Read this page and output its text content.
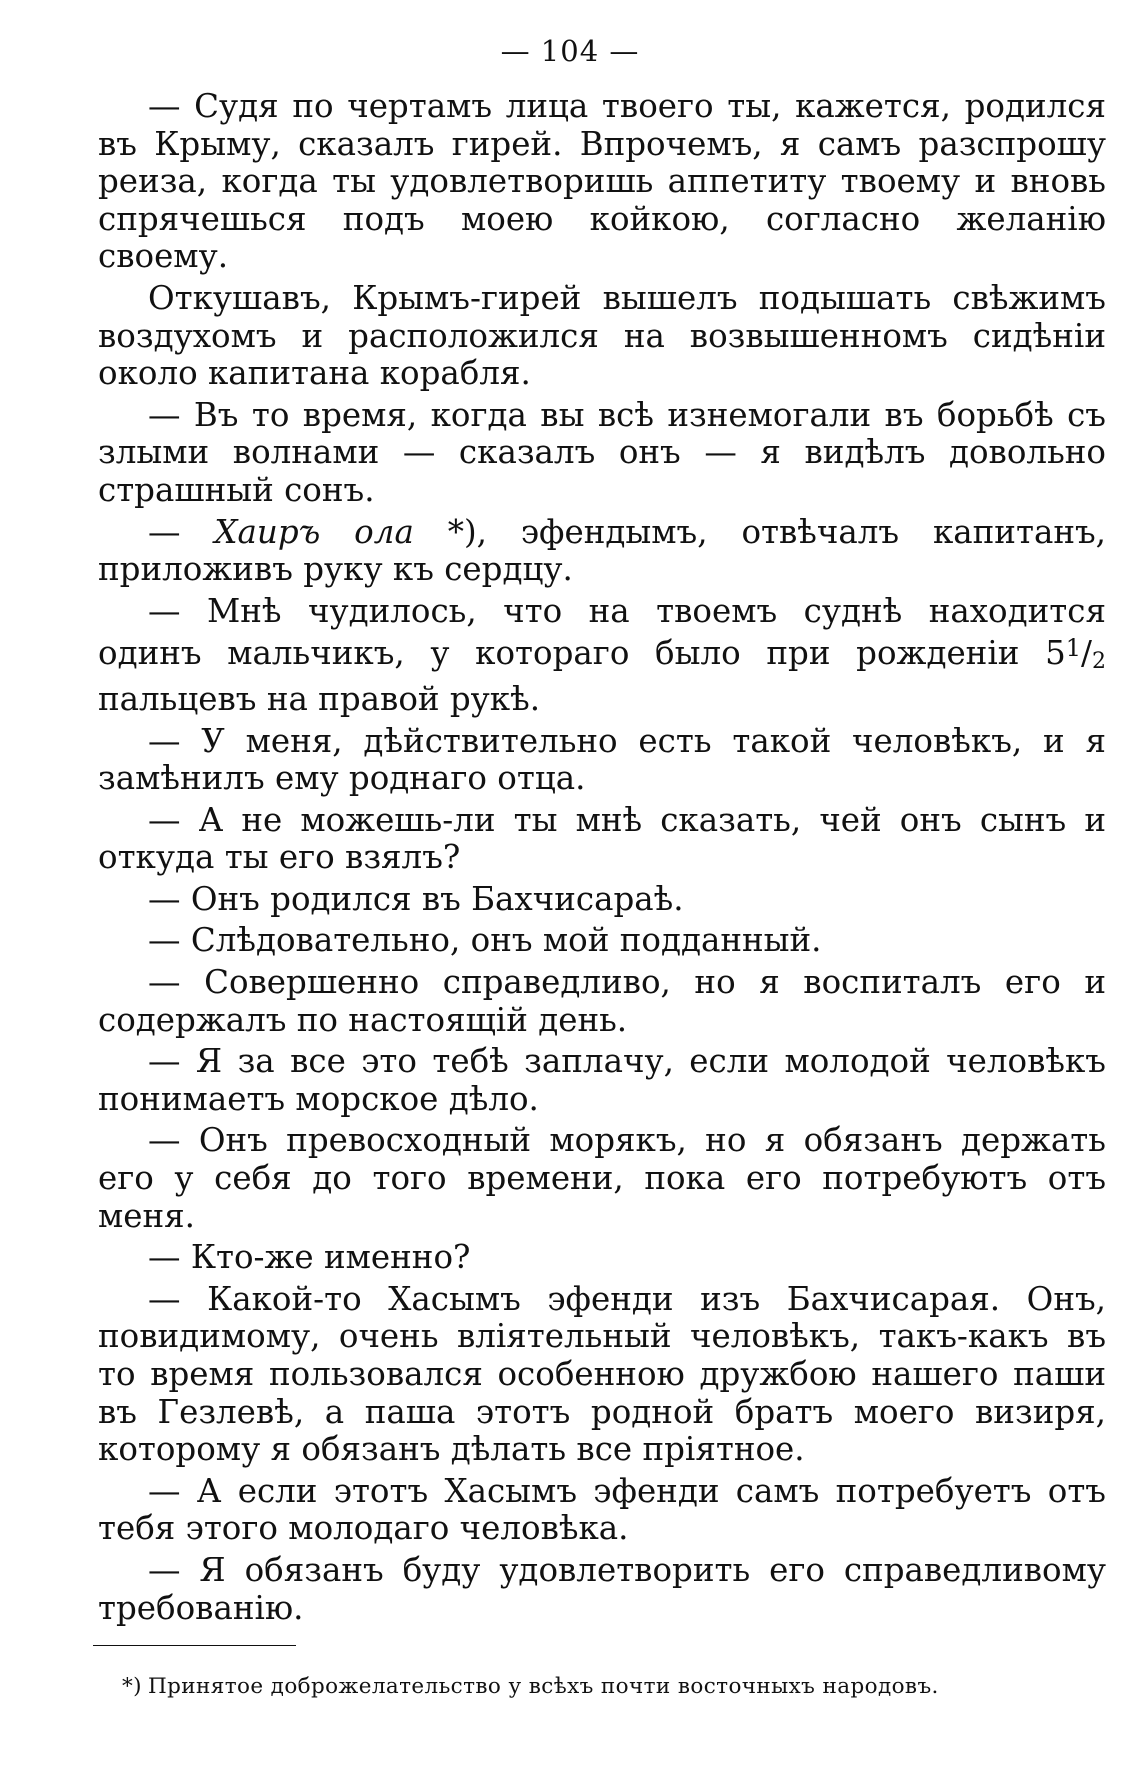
— 104 —

— Судя по чертамъ лица твоего ты, кажется, родился въ Крыму, сказалъ гирей. Впрочемъ, я самъ разспрошу реиза, когда ты удовлетворишь аппетиту твоему и вновь спрячешься подъ моею койкою, согласно желанію своему.

Откушавъ, Крымъ-гирей вышелъ подышать свѣжимъ воздухомъ и расположился на возвышенномъ сидѣніи около капитана корабля.

— Въ то время, когда вы всѣ изнемогали въ борьбѣ съ злыми волнами — сказалъ онъ — я видѣлъ довольно страшный сонъ.

— Хаиръ ола *), эфендымъ, отвѣчалъ капитанъ, приложивъ руку къ сердцу.

— Мнѣ чудилось, что на твоемъ суднѣ находится одинъ мальчикъ, у котораго было при рожденіи $5^1/2$ пальцевъ на правой рукѣ.

— У меня, дѣйствительно есть такой человѣкъ, и я замѣнилъ ему роднаго отца.

— А не можешь-ли ты мнѣ сказать, чей онъ сынъ и откуда ты его взялъ?

— Онъ родился въ Бахчисараѣ.

— Слѣдовательно, онъ мой подданный.

— Совершенно справедливо, но я воспиталъ его и содержалъ по настоящій день.

— Я за все это тебѣ заплачу, если молодой человѣкъ понимаетъ морское дѣло.

— Онъ превосходный морякъ, но я обязанъ держать его у себя до того времени, пока его потребуютъ отъ меня.

— Кто-же именно?

— Какой-то Хасымъ эфенди изъ Бахчисарая. Онъ, повидимому, очень вліятельный человѣкъ, такъ-какъ въ то время пользовался особенною дружбою нашего паши въ Гезлевѣ, а паша этотъ родной братъ моего визиря, которому я обязанъ дѣлать все пріятное.

— А если этотъ Хасымъ эфенди самъ потребуетъ отъ тебя этого молодаго человѣка.

— Я обязанъ буду удовлетворить его справедливому требованію.

*) Принятое доброжелательство у всѣхъ почти восточныхъ народовъ.
